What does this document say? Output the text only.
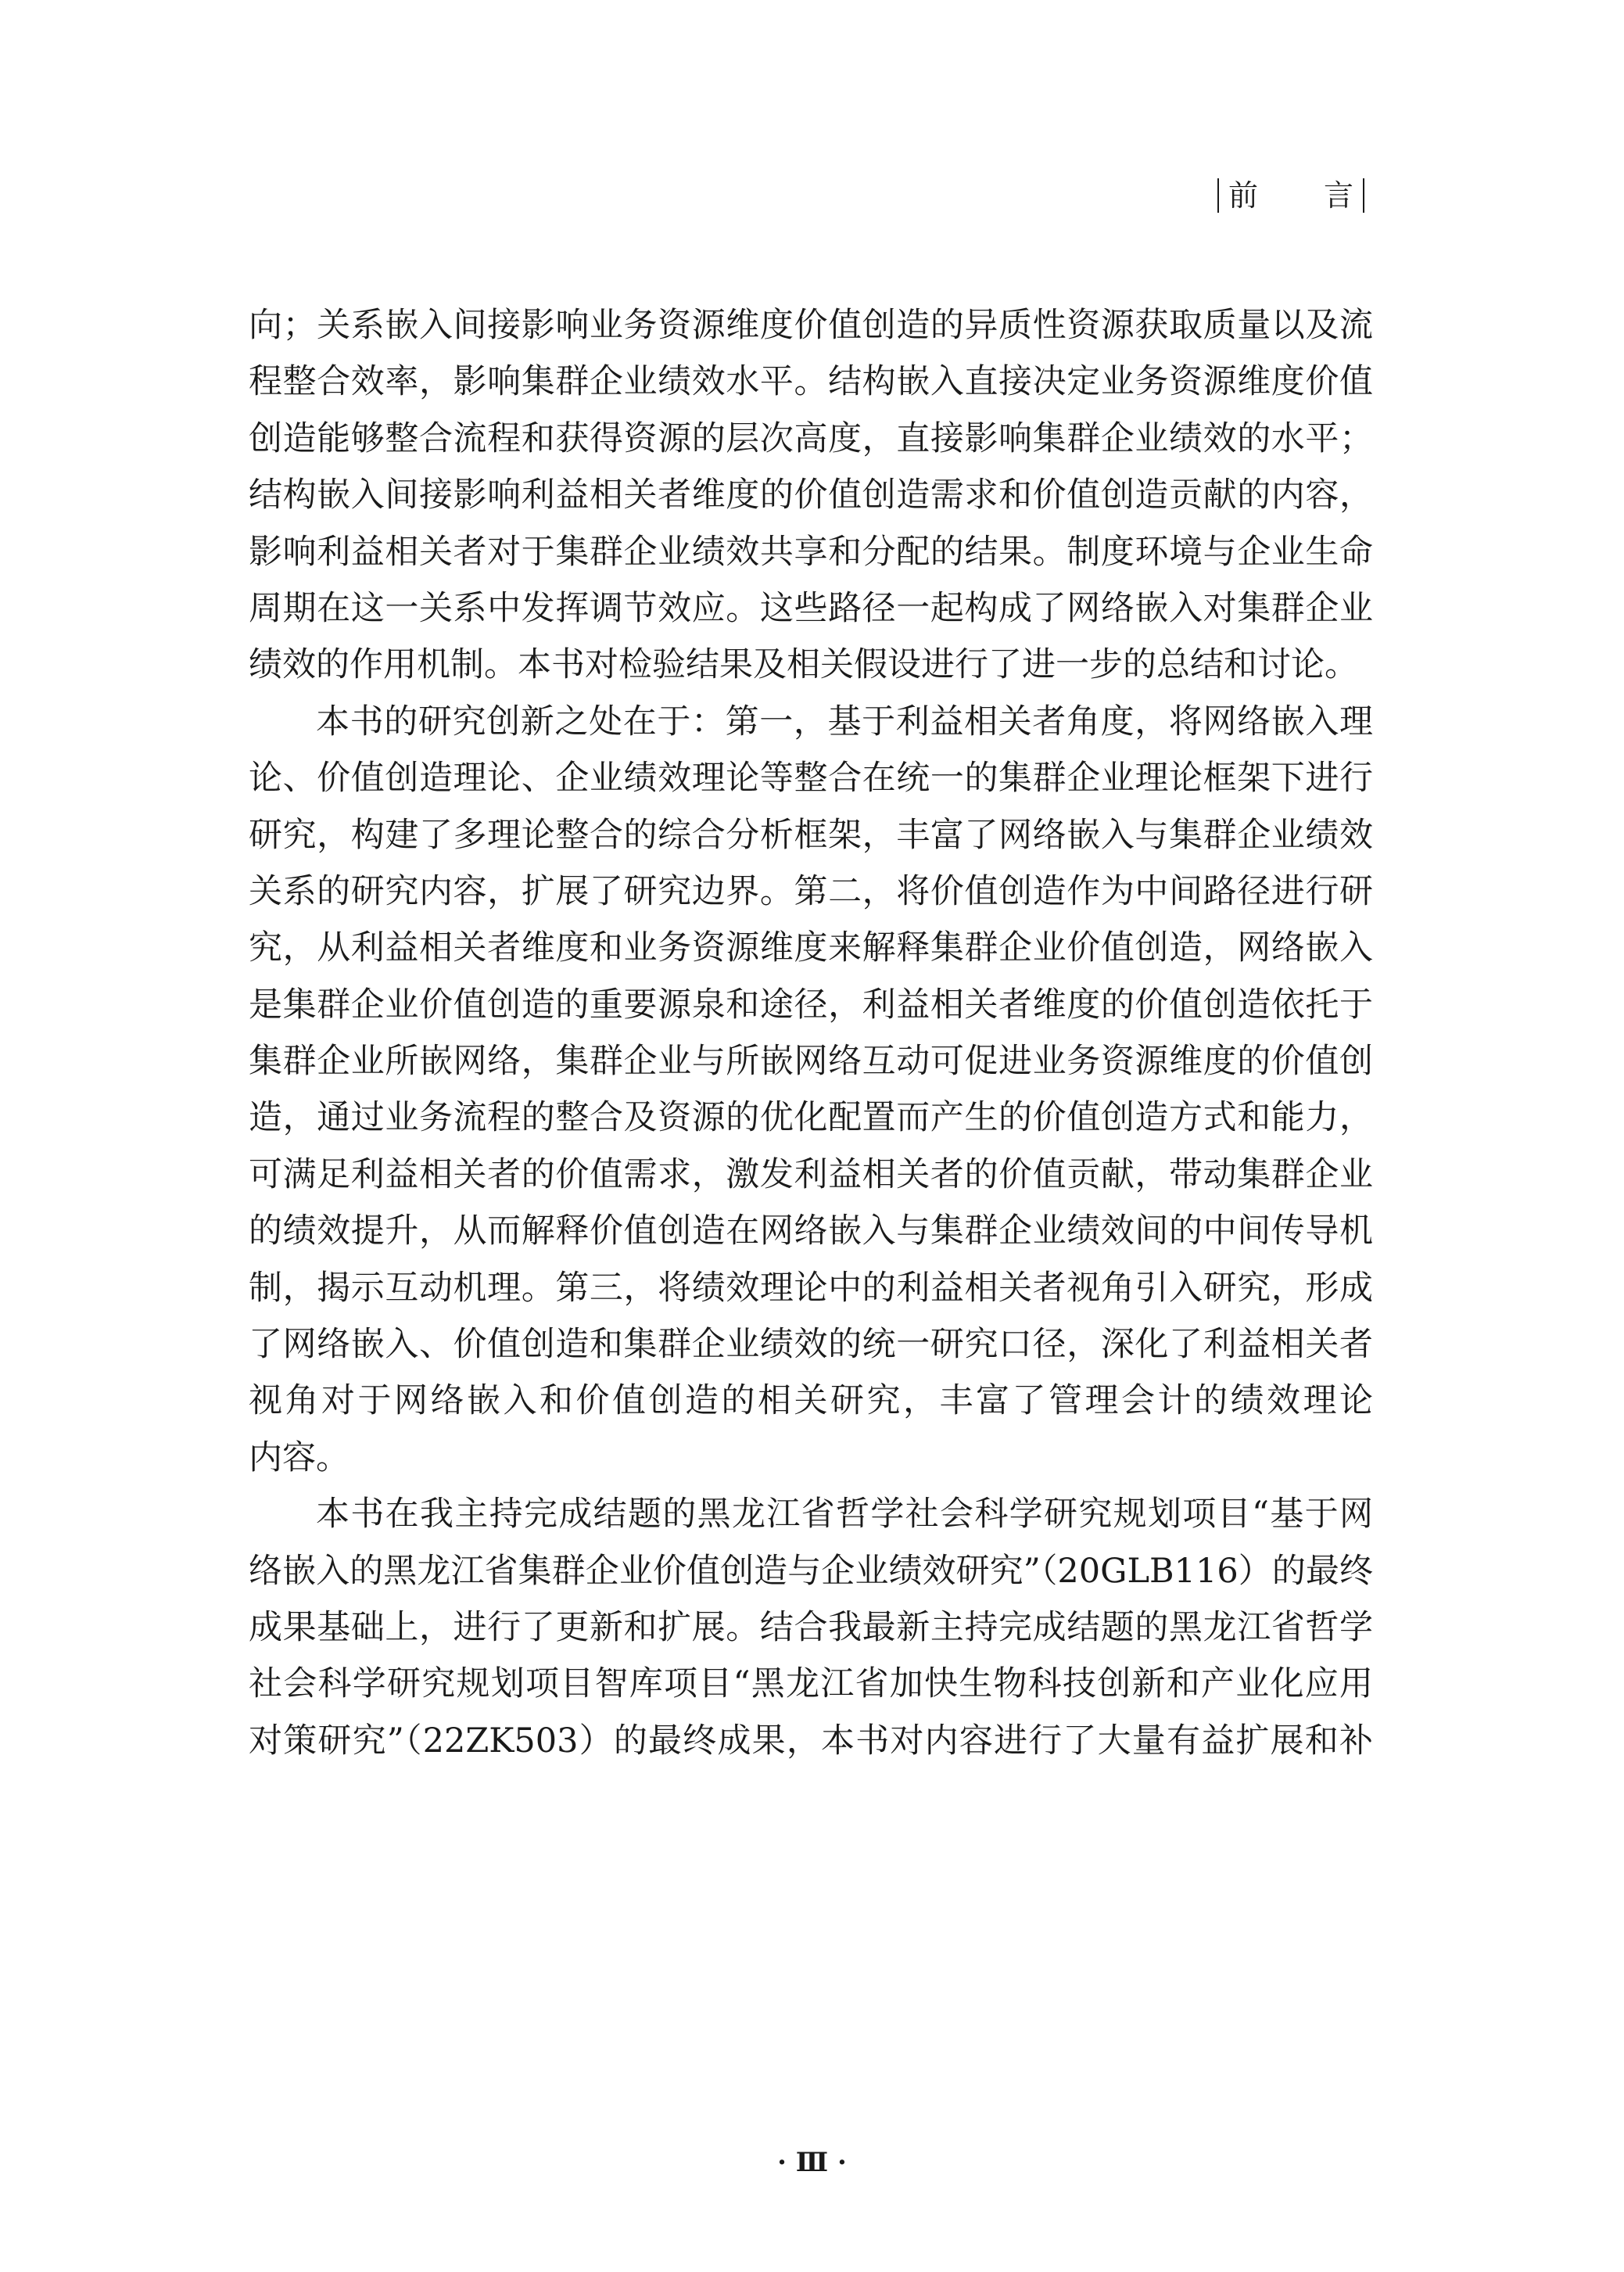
前 言
向；关系嵌入间接影响业务资源维度价值创造的异质性资源获取质量以及流
程整合效率，影响集群企业绩效水平。结构嵌入直接决定业务资源维度价值
创造能够整合流程和获得资源的层次高度，直接影响集群企业绩效的水平；
结构嵌入间接影响利益相关者维度的价值创造需求和价值创造贡献的内容，
影响利益相关者对于集群企业绩效共享和分配的结果。制度环境与企业生命
周期在这一关系中发挥调节效应。这些路径一起构成了网络嵌入对集群企业
绩效的作用机制。本书对检验结果及相关假设进行了进一步的总结和讨论。
本书的研究创新之处在于：第一，基于利益相关者角度，将网络嵌入理
论、价值创造理论、企业绩效理论等整合在统一的集群企业理论框架下进行
研究，构建了多理论整合的综合分析框架，丰富了网络嵌入与集群企业绩效
关系的研究内容，扩展了研究边界。第二，将价值创造作为中间路径进行研
究，从利益相关者维度和业务资源维度来解释集群企业价值创造，网络嵌入
是集群企业价值创造的重要源泉和途径，利益相关者维度的价值创造依托于
集群企业所嵌网络，集群企业与所嵌网络互动可促进业务资源维度的价值创
造，通过业务流程的整合及资源的优化配置而产生的价值创造方式和能力，
可满足利益相关者的价值需求，激发利益相关者的价值贡献，带动集群企业
的绩效提升，从而解释价值创造在网络嵌入与集群企业绩效间的中间传导机
制，揭示互动机理。第三，将绩效理论中的利益相关者视角引入研究，形成
了网络嵌入、价值创造和集群企业绩效的统一研究口径，深化了利益相关者
视角对于网络嵌入和价值创造的相关研究，丰富了管理会计的绩效理论
内容。
本书在我主持完成结题的黑龙江省哲学社会科学研究规划项目“基于网
络嵌入的黑龙江省集群企业价值创造与企业绩效研究”（20GLB116）的最终
成果基础上，进行了更新和扩展。结合我最新主持完成结题的黑龙江省哲学
社会科学研究规划项目智库项目“黑龙江省加快生物科技创新和产业化应用
对策研究”（22ZK503）的最终成果，本书对内容进行了大量有益扩展和补
· Ⅲ ·
